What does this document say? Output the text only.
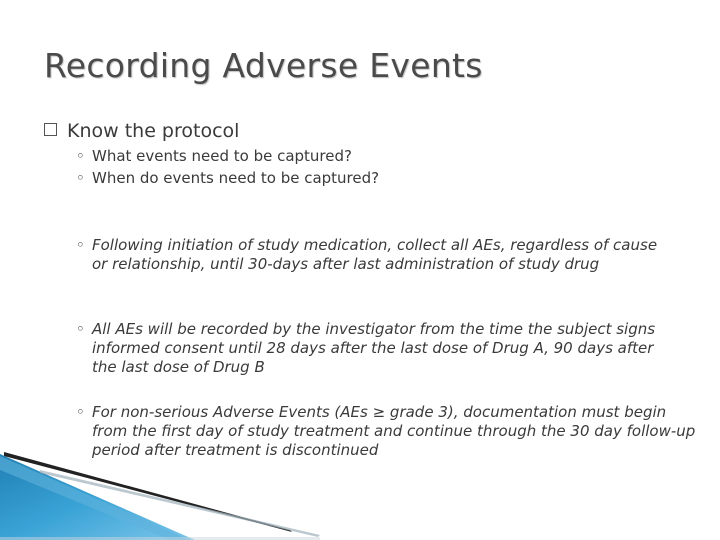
Recording Adverse Events
Know the protocol
◦ What events need to be captured?
◦ When do events need to be captured?
◦ Following initiation of study medication, collect all AEs, regardless of cause or relationship, until 30-days after last administration of study drug
◦ All AEs will be recorded by the investigator from the time the subject signs informed consent until 28 days after the last dose of Drug A, 90 days after the last dose of Drug B
◦ For non-serious Adverse Events (AEs ≥ grade 3), documentation must begin from the first day of study treatment and continue through the 30 day follow-up period after treatment is discontinued
